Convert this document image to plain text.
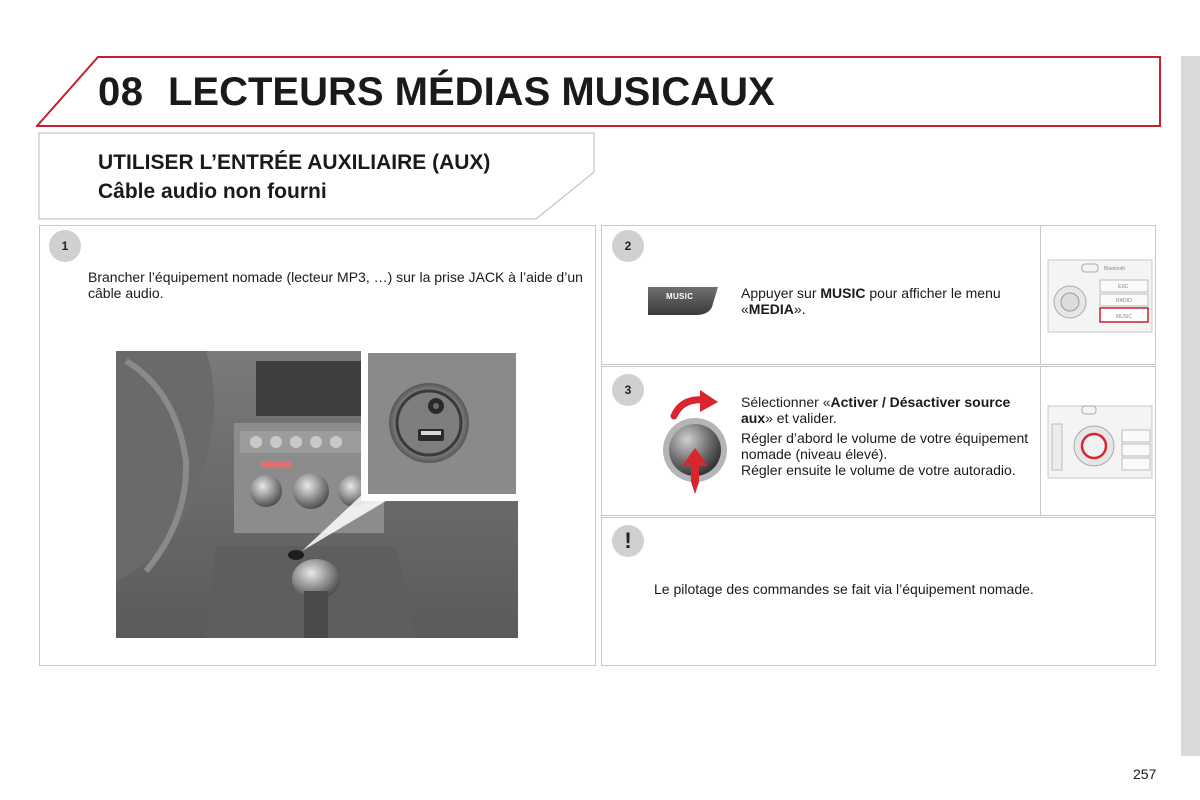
08 LECTEURS MÉDIAS MUSICAUX
UTILISER L’ENTRÉE AUXILIAIRE (AUX)
Câble audio non fourni
1	2
3
!
Brancher l’équipement nomade (lecteur MP3, …) sur la prise JACK à l’aide d’un câble audio.	MUSIC	Appuyer sur MUSIC pour afficher le menu «MEDIA».
Bluetooth
ESC
RADIO
MUSIC
Sélectionner «Activer / Désactiver source aux» et valider.
Régler d’abord le volume de votre équipement nomade (niveau élevé).
Régler ensuite le volume de votre autoradio.
Le pilotage des commandes se fait via l’équipement nomade.
257
